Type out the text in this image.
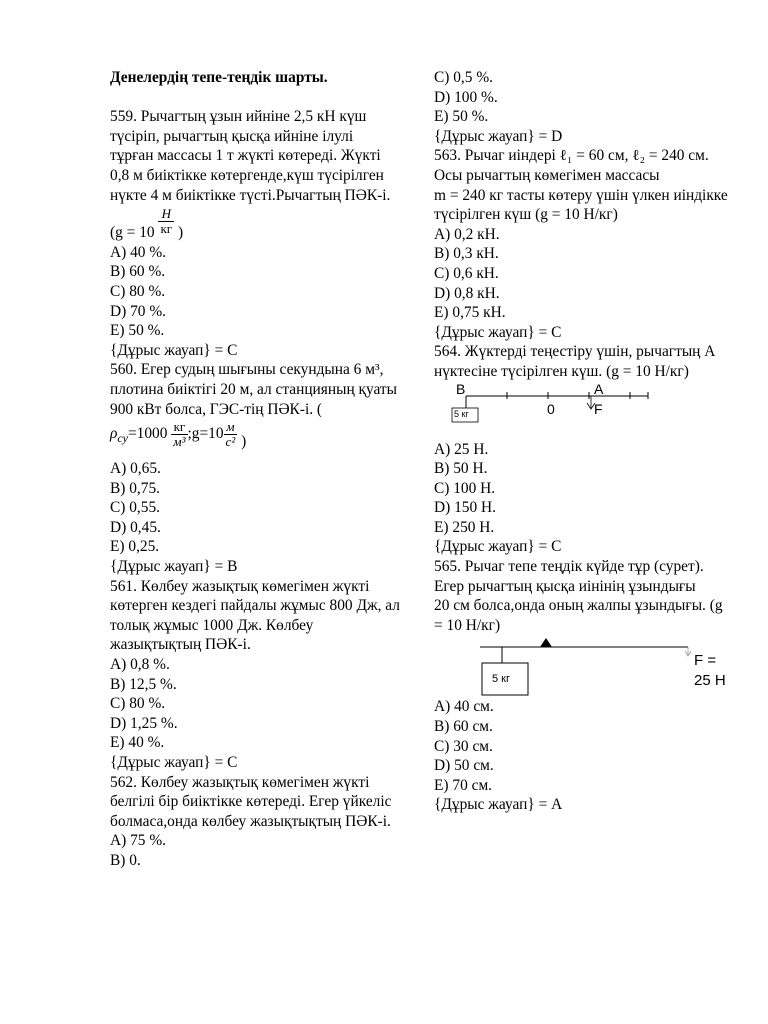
Денелердің тепе-теңдік шарты.

559. Рычагтың ұзын ийніне 2,5 кН күш түсіріп, рычагтың қысқа ийніне ілулі тұрған массасы 1 т жүкті көтереді. Жүкті 0,8 м биіктікке көтергенде,күш түсірілген нүкте 4 м биіктікке түсті.Рычагтың ПӘК-і.

($g = 10 \frac{Н}{кг}$ )

A) 40 %.

B) 60 %.

C) 80 %.

D) 70 %.

E) 50 %.

{Дұрыс жауап} = C

560. Егер судың шығыны секундына 6 м³, плотина биіктігі 20 м, ал станцияның қуаты 900 кВт болса, ГЭС-тің ПӘК-і. (

$\rho_{су}=1000 \frac{кг}{\text{м³}}$ ;g=10 $\frac{м}{\text{с²}}$ )

A) 0,65.

B) 0,75.

C) 0,55.

D) 0,45.

E) 0,25.

{Дұрыс жауап} = B

561. Көлбеу жазықтық көмегімен жүкті көтерген кездегі пайдалы жұмыс 800 Дж, ал толық жұмыс 1000 Дж. Көлбеу жазықтықтың ПӘК-і.

A) 0,8 %.

B) 12,5 %.

C) 80 %.

D) 1,25 %.

E) 40 %.

{Дұрыс жауап} = C

562. Көлбеу жазықтық көмегімен жүкті белгілі бір биіктікке көтереді. Егер үйкеліс болмаса,онда көлбеу жазықтықтың ПӘК-і.

A) 75 %.

B) 0.

C) 0,5 %.

D) 100 %.

E) 50 %.

{Дұрыс жауап} = D

563. Рычаг иіндері ℓ₁ = 60 см, ℓ₂ = 240 см. Осы рычагтың көмегімен массасы

m = 240 кг тасты көтеру үшін үлкен иіндікке түсірілген күш (g = 10 Н/кг)

A) 0,2 кН.

B) 0,3 кН.

C) 0,6 кН.

D) 0,8 кН.

E) 0,75 кН.

{Дұрыс жауап} = C

564. Жүктерді теңестіру үшін, рычагтың А нүктесіне түсірілген күш. (g = 10 Н/кг)

B	A
0	F
5 кг

A) 25 Н.

B) 50 Н.

C) 100 Н.

D) 150 Н.

E) 250 Н.

{Дұрыс жауап} = C

565. Рычаг тепе теңдік күйде тұр (сурет). Егер рычагтың қысқа иінінің ұзындығы

20 см болса,онда оның жалпы ұзындығы. (g = 10 Н/кг)

5 кг
F = 25 Н

A) 40 см.

B) 60 см.

C) 30 см.

D) 50 см.

E) 70 см.

{Дұрыс жауап} = A
